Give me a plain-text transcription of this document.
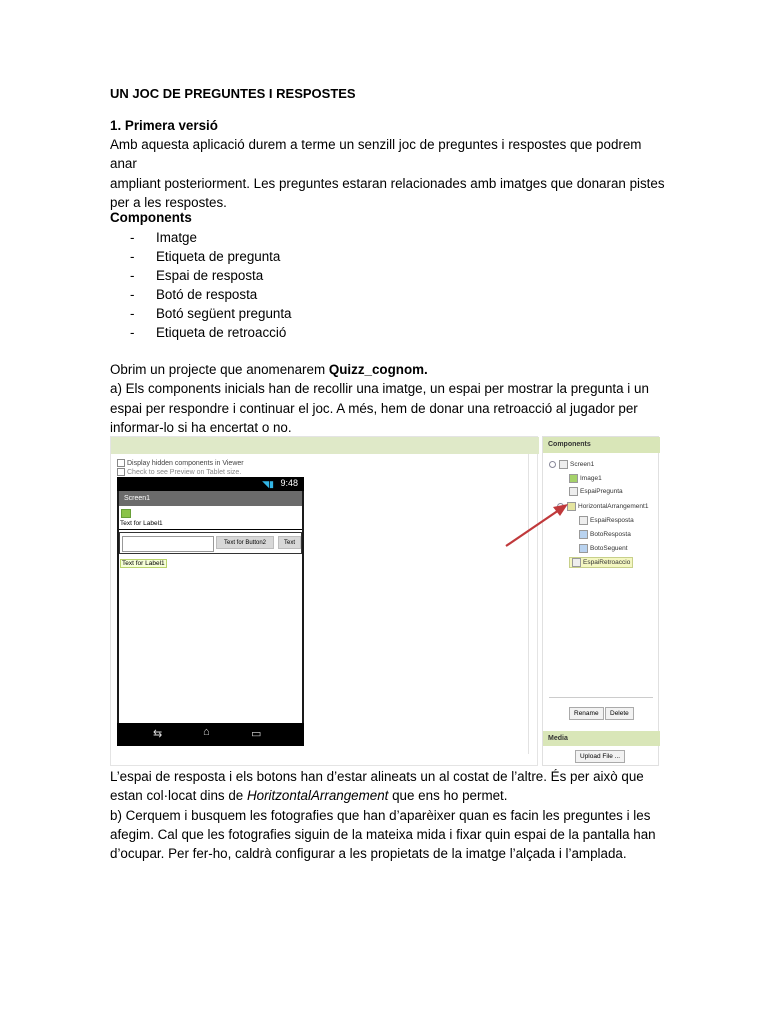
UN JOC DE PREGUNTES I RESPOSTES
1. Primera versió
Amb aquesta aplicació durem a terme un senzill joc de preguntes i respostes que podrem anar
ampliant posteriorment. Les preguntes estaran relacionades amb imatges que donaran pistes
per a les respostes.
Components
- Imatge
- Etiqueta de pregunta
- Espai de resposta
- Botó de resposta
- Botó següent pregunta
- Etiqueta de retroacció
Obrim un projecte que anomenarem Quizz_cognom.
a) Els components inicials han de recollir una imatge, un espai per mostrar la pregunta i un
espai per respondre i continuar el joc. A més, hem de donar una retroacció al jugador per
informar-lo si ha encertat o no.
Display hidden components in Viewer
Check to see Preview on Tablet size.
◥▮ 9:48
Screen1
Text for Label1
Text for Button2	Text
Text for Label1
⇆	⌂	▭
Components
Screen1
Image1
EspaiPregunta
HorizontalArrangement1
EspaiResposta
BotoResposta
BotoSeguent
EspaiRetroaccio
Rename	Delete
Media
Upload File ...
L’espai de resposta i els botons han d’estar alineats un al costat de l’altre. És per això que
estan col·locat dins de HoritzontalArrangement que ens ho permet.
b) Cerquem i busquem les fotografies que han d’aparèixer quan es facin les preguntes i les
afegim. Cal que les fotografies siguin de la mateixa mida i fixar quin espai de la pantalla han
d’ocupar. Per fer-ho, caldrà configurar a les propietats de la imatge l’alçada i l’amplada.
